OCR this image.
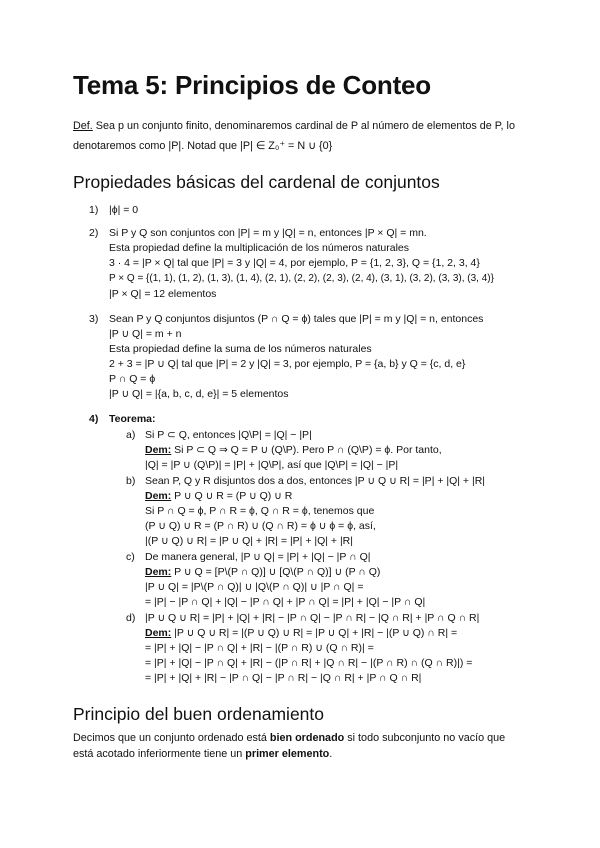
Tema 5: Principios de Conteo
Def. Sea p un conjunto finito, denominaremos cardinal de P al número de elementos de P, lo
denotaremos como |P|. Notad que |P| ∈ Z₀⁺ = N ∪ {0}
Propiedades básicas del cardenal de conjuntos
1) |ϕ| = 0
2) Si P y Q son conjuntos con |P| = m y |Q| = n, entonces |P × Q| = mn.
Esta propiedad define la multiplicación de los números naturales
3 · 4 = |P × Q| tal que |P| = 3 y |Q| = 4, por ejemplo, P = {1, 2, 3}, Q = {1, 2, 3, 4}
P × Q = {(1, 1), (1, 2), (1, 3), (1, 4), (2, 1), (2, 2), (2, 3), (2, 4), (3, 1), (3, 2), (3, 3), (3, 4)}
|P × Q| = 12 elementos
3) Sean P y Q conjuntos disjuntos (P ∩ Q = ϕ) tales que |P| = m y |Q| = n, entonces
|P ∪ Q| = m + n
Esta propiedad define la suma de los números naturales
2 + 3 = |P ∪ Q| tal que |P| = 2 y |Q| = 3, por ejemplo, P = {a, b} y Q = {c, d, e}
P ∩ Q = ϕ
|P ∪ Q| = |{a, b, c, d, e}| = 5 elementos
4) Teorema:
a) Si P ⊂ Q, entonces |Q\P| = |Q| − |P|
Dem: Si P ⊂ Q ⇒ Q = P ∪ (Q\P). Pero P ∩ (Q\P) = ϕ. Por tanto,
|Q| = |P ∪ (Q\P)| = |P| + |Q\P|, así que |Q\P| = |Q| − |P|
b) Sean P, Q y R disjuntos dos a dos, entonces |P ∪ Q ∪ R| = |P| + |Q| + |R|
Dem: P ∪ Q ∪ R = (P ∪ Q) ∪ R
Si P ∩ Q = ϕ, P ∩ R = ϕ, Q ∩ R = ϕ, tenemos que
(P ∪ Q) ∪ R = (P ∩ R) ∪ (Q ∩ R) = ϕ ∪ ϕ = ϕ, así,
|(P ∪ Q) ∪ R| = |P ∪ Q| + |R| = |P| + |Q| + |R|
c) De manera general, |P ∪ Q| = |P| + |Q| − |P ∩ Q|
Dem: P ∪ Q = [P\(P ∩ Q)] ∪ [Q\(P ∩ Q)] ∪ (P ∩ Q)
|P ∪ Q| = |P\(P ∩ Q)| ∪ |Q\(P ∩ Q)| ∪ |P ∩ Q| =
= |P| − |P ∩ Q| + |Q| − |P ∩ Q| + |P ∩ Q| = |P| + |Q| − |P ∩ Q|
d) |P ∪ Q ∪ R| = |P| + |Q| + |R| − |P ∩ Q| − |P ∩ R| − |Q ∩ R| + |P ∩ Q ∩ R|
Dem: |P ∪ Q ∪ R| = |(P ∪ Q) ∪ R| = |P ∪ Q| + |R| − |(P ∪ Q) ∩ R| =
= |P| + |Q| − |P ∩ Q| + |R| − |(P ∩ R) ∪ (Q ∩ R)| =
= |P| + |Q| − |P ∩ Q| + |R| − (|P ∩ R| + |Q ∩ R| − |(P ∩ R) ∩ (Q ∩ R)|) =
= |P| + |Q| + |R| − |P ∩ Q| − |P ∩ R| − |Q ∩ R| + |P ∩ Q ∩ R|
Principio del buen ordenamiento
Decimos que un conjunto ordenado está bien ordenado si todo subconjunto no vacío que
está acotado inferiormente tiene un primer elemento.
